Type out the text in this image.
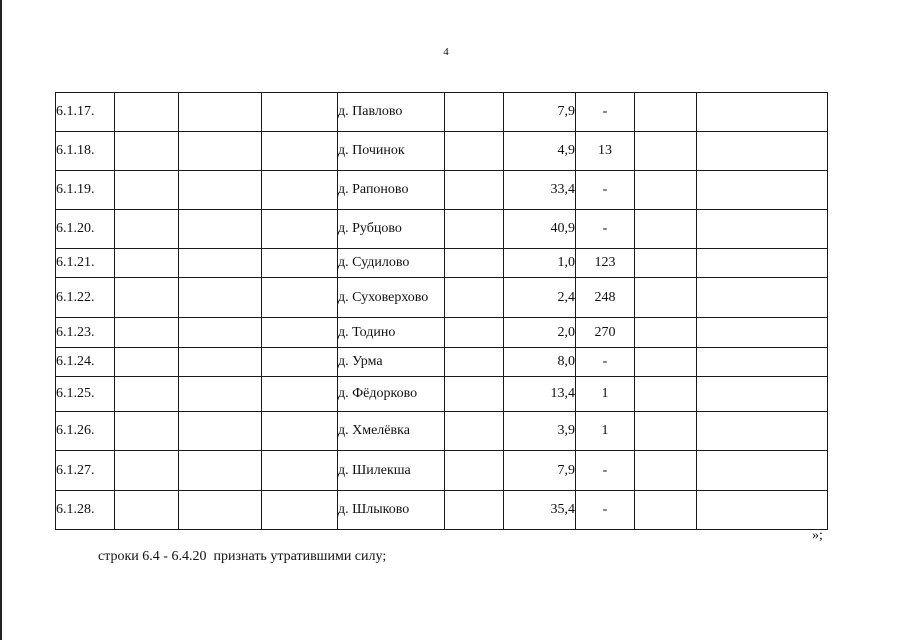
4
6.1.17.				д. Павлово		7,9	-		
6.1.18.				д. Починок		4,9	13		
6.1.19.				д. Рапоново		33,4	-		
6.1.20.				д. Рубцово		40,9	-		
6.1.21.				д. Судилово		1,0	123		
6.1.22.				д. Суховерхово		2,4	248		
6.1.23.				д. Тодино		2,0	270		
6.1.24.				д. Урма		8,0	-		
6.1.25.				д. Фёдорково		13,4	1		
6.1.26.				д. Хмелёвка		3,9	1		
6.1.27.				д. Шилекша		7,9	-		
6.1.28.				д. Шлыково		35,4	-		
»;
строки 6.4 - 6.4.20  признать утратившими силу;
